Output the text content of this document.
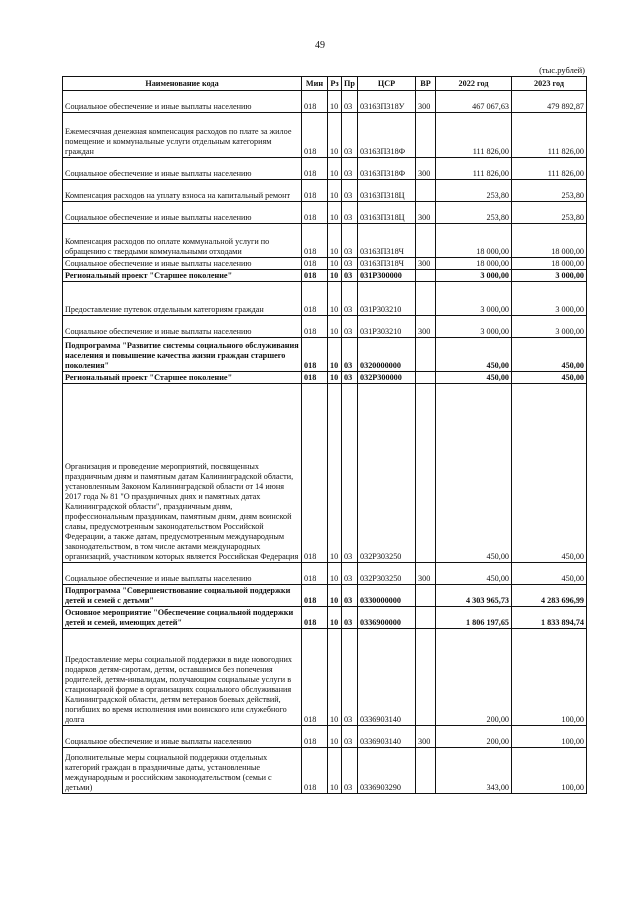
49
(тыс.рублей)
Наименование кода	Мин	Рз	Пр	ЦСР	ВР	2022 год	2023 год
Социальное обеспечение и иные выплаты населению	018	10	03	03163П318У	300	467 067,63	479 892,87
Ежемесячная денежная компенсация расходов по плате за жилое помещение и коммунальные услуги отдельным категориям граждан	018	10	03	03163П318Ф		111 826,00	111 826,00
Социальное обеспечение и иные выплаты населению	018	10	03	03163П318Ф	300	111 826,00	111 826,00
Компенсация расходов на уплату взноса на капитальный ремонт	018	10	03	03163П318Ц		253,80	253,80
Социальное обеспечение и иные выплаты населению	018	10	03	03163П318Ц	300	253,80	253,80
Компенсация расходов по оплате коммунальной услуги по обращению с твердыми коммунальными отходами	018	10	03	03163П318Ч		18 000,00	18 000,00
Социальное обеспечение и иные выплаты населению	018	10	03	03163П318Ч	300	18 000,00	18 000,00
Региональный проект "Старшее поколение"	018	10	03	031Р300000		3 000,00	3 000,00
Предоставление путевок отдельным категориям граждан	018	10	03	031Р303210		3 000,00	3 000,00
Социальное обеспечение и иные выплаты населению	018	10	03	031Р303210	300	3 000,00	3 000,00
Подпрограмма "Развитие системы социального обслуживания населения и повышение качества жизни граждан старшего поколения"	018	10	03	0320000000		450,00	450,00
Региональный проект "Старшее поколение"	018	10	03	032Р300000		450,00	450,00
Организация и проведение мероприятий, посвященных праздничным дням и памятным датам Калининградской области, установленным Законом Калининградской области от 14 июня 2017 года № 81 "О праздничных днях и памятных датах Калининградской области", праздничным дням, профессиональным праздникам, памятным дням, дням воинской славы, предусмотренным законодательством Российской Федерации, а также датам, предусмотренным международным законодательством, в том числе актами международных организаций, участником которых является Российская Федерация	018	10	03	032Р303250		450,00	450,00
Социальное обеспечение и иные выплаты населению	018	10	03	032Р303250	300	450,00	450,00
Подпрограмма "Совершенствование социальной поддержки детей и семей с детьми"	018	10	03	0330000000		4 303 965,73	4 283 696,99
Основное мероприятие "Обеспечение социальной поддержки детей и семей, имеющих детей"	018	10	03	0336900000		1 806 197,65	1 833 894,74
Предоставление меры социальной поддержки в виде новогодних подарков детям-сиротам, детям, оставшимся без попечения родителей, детям-инвалидам, получающим социальные услуги в стационарной форме в организациях социального обслуживания Калининградской области, детям ветеранов боевых действий, погибших во время исполнения ими воинского или служебного долга	018	10	03	0336903140		200,00	100,00
Социальное обеспечение и иные выплаты населению	018	10	03	0336903140	300	200,00	100,00
Дополнительные меры социальной поддержки отдельных категорий граждан в праздничные даты, установленные международным и российским законодательством (семьи с детьми)	018	10	03	0336903290		343,00	100,00
